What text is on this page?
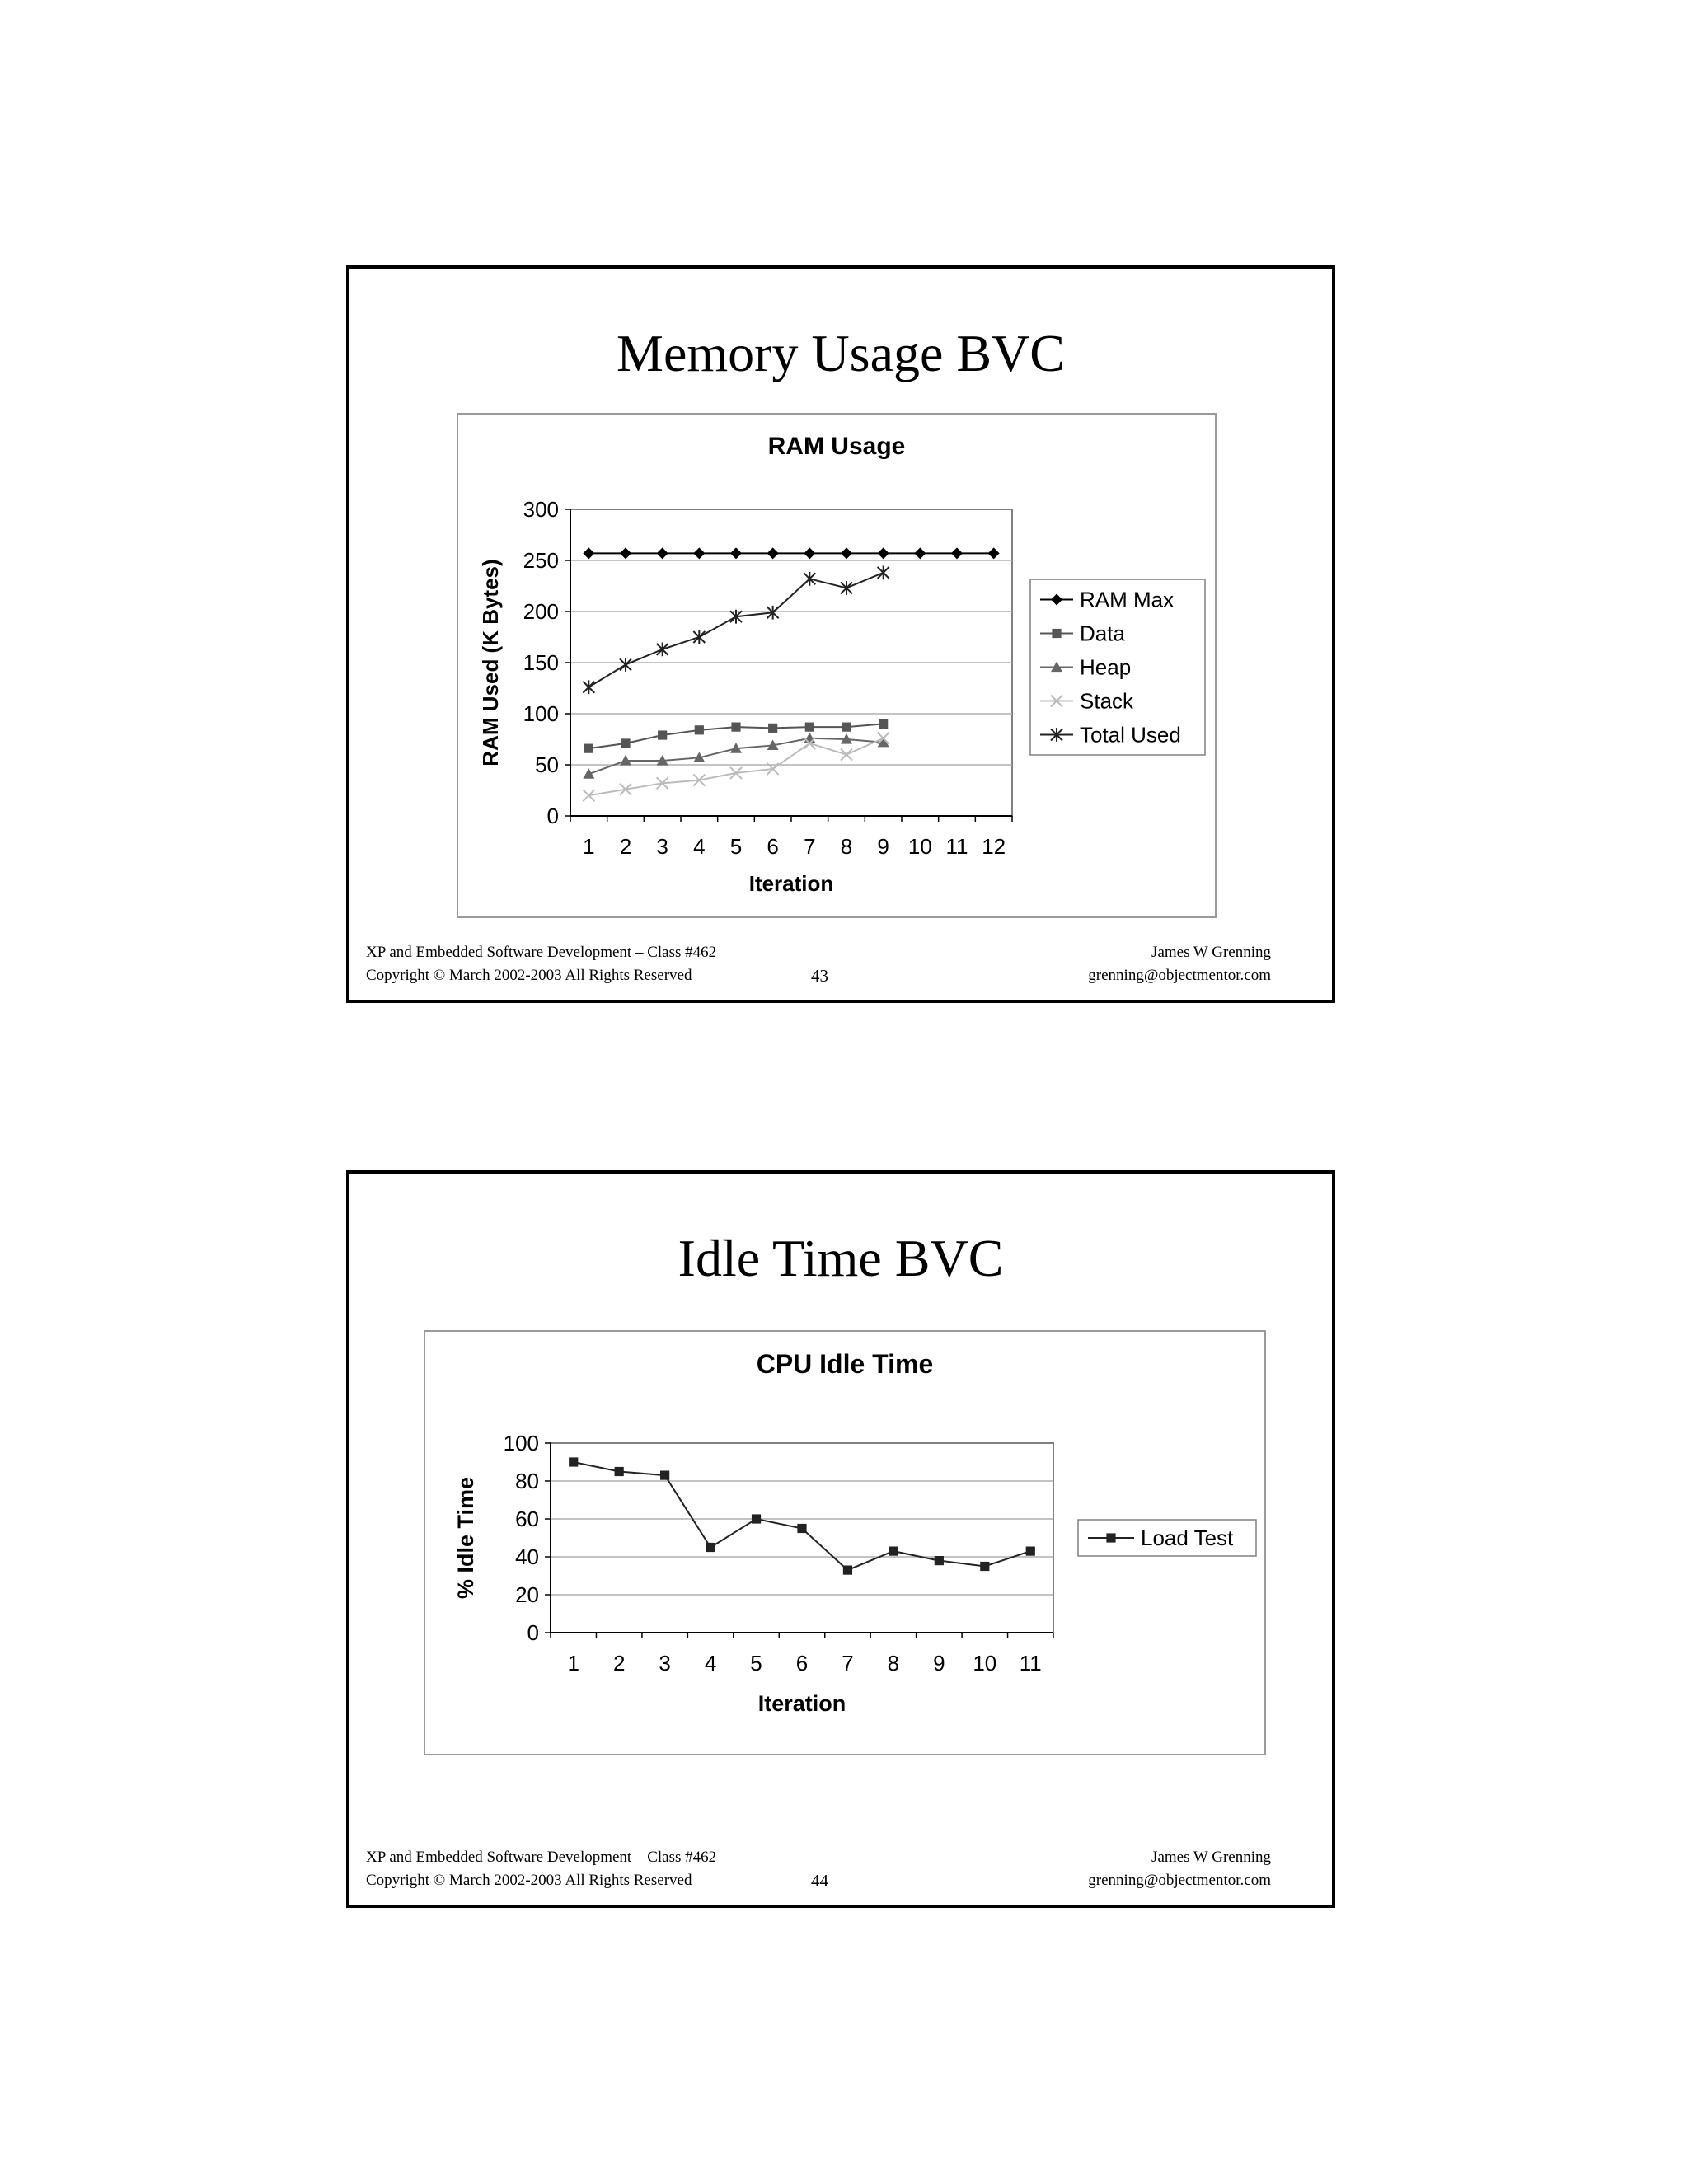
Memory Usage BVC
RAM Usage
0
50
100
150
200
250
300
1 2 3 4 5 6 7 8 9 10 11 12
Iteration
RAM Used (K Bytes)	RAM Max
Data
Heap
Stack
Total Used
XP and Embedded Software Development – Class #462
Copyright © March 2002-2003 All Rights Reserved	43
James W Grenning
grenning@objectmentor.com
Idle Time BVC
CPU Idle Time
0
20
40
60
80
100
1 2 3 4 5 6 7 8 9 10 11
Iteration
% Idle Time	Load Test
XP and Embedded Software Development – Class #462
Copyright © March 2002-2003 All Rights Reserved	44
James W Grenning
grenning@objectmentor.com
